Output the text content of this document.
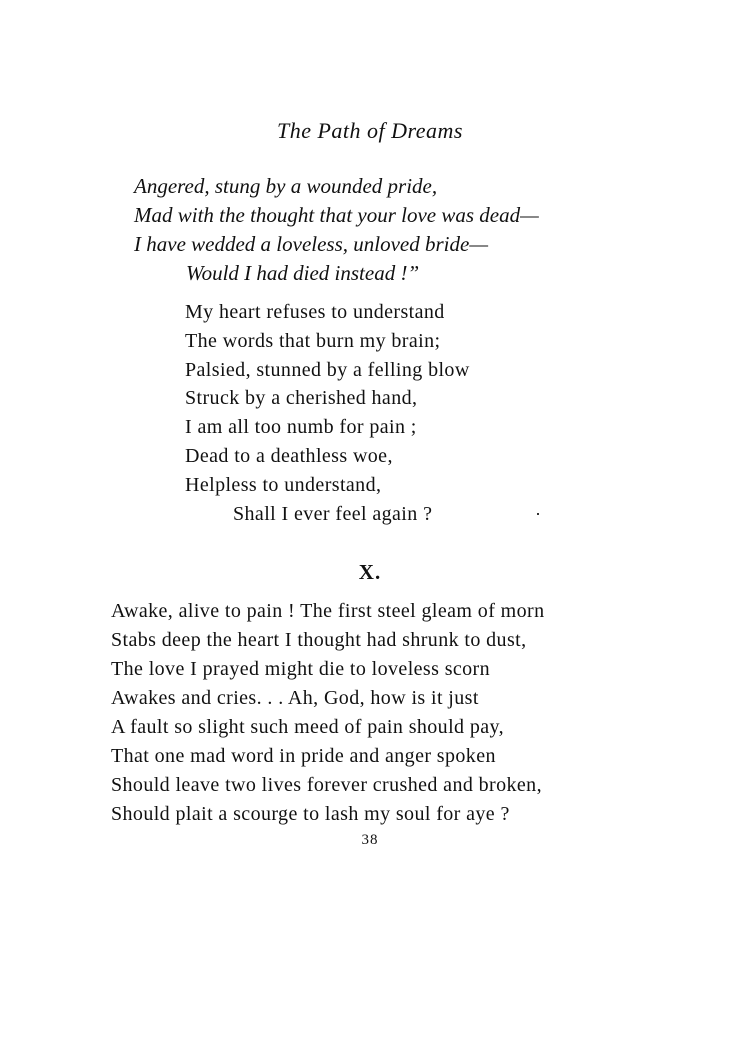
The Path of Dreams
Angered, stung by a wounded pride,
Mad with the thought that your love was dead—
I have wedded a loveless, unloved bride—
Would I had died instead !”
My heart refuses to understand
The words that burn my brain;
Palsied, stunned by a felling blow
Struck by a cherished hand,
I am all too numb for pain ;
Dead to a deathless woe,
Helpless to understand,
Shall I ever feel again ?
X.
Awake, alive to pain ! The first steel gleam of morn
Stabs deep the heart I thought had shrunk to dust,
The love I prayed might die to loveless scorn
Awakes and cries. . . Ah, God, how is it just
A fault so slight such meed of pain should pay,
That one mad word in pride and anger spoken
Should leave two lives forever crushed and broken,
Should plait a scourge to lash my soul for aye ?
38
